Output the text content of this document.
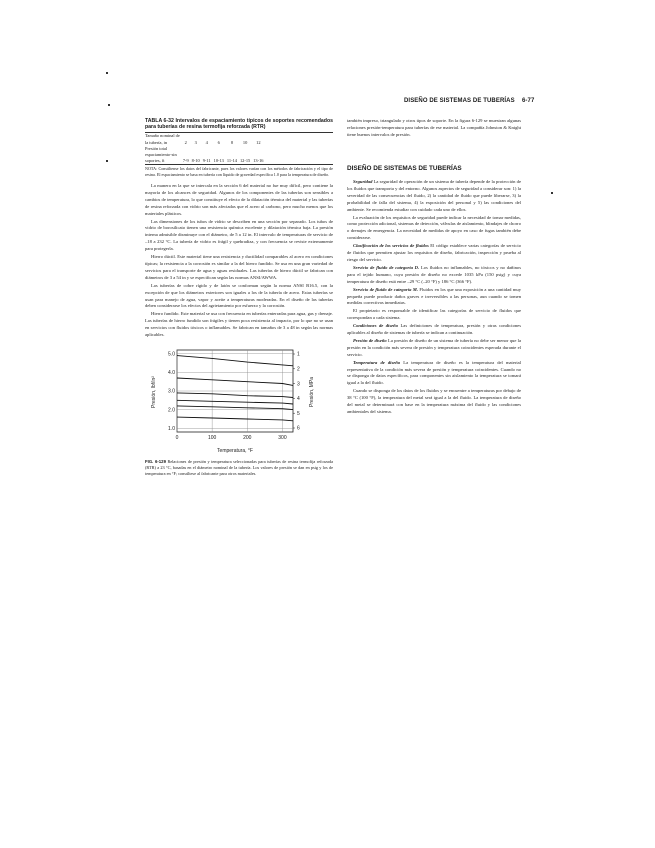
DISEÑO DE SISTEMAS DE TUBERÍAS 6-77
TABLA 6-32 Intervalos de espaciamiento típicos de soportes recomendados para tuberías de resina termofija reforzada (RTR)
Tamaño nominal de							
la tubería, in	2	3	4	6	8	10	12
Presión total							
espaciamiento-sin							
soportes, ft	7-9	8-10	9-11	10-13	11-14	12-15	13-16
NOTA: Consúltense los datos del fabricante, pues los valores varían con los métodos de fabricación y el tipo de resina. El espaciamiento se basa en tubería con líquido de gravedad específica 1.0 para la temperatura de diseño.

La manera en la que se intercala en la sección 6 del material no fue muy difícil, pero contiene la mayoría de los alcances de seguridad. Algunos de los componentes de las tuberías son sensibles a cambios de temperatura, lo que constituye el efecto de la dilatación térmica del material y las tuberías de resina reforzada con vidrio son más afectadas que el acero al carbono, pero mucho menos que los materiales plásticos.

Las dimensiones de los tubos de vidrio se describen en una sección por separado. Los tubos de vidrio de borosilicato tienen una resistencia química excelente y dilatación térmica baja. La presión interna admisible disminuye con el diámetro, de 5 a 12 in. El intervalo de temperaturas de servicio de –18 a 232 °C. La tubería de vidrio es frágil y quebradiza, y con frecuencia se reviste externamente para protegerla.

Hierro dúctil. Este material tiene una resistencia y ductilidad comparables al acero en condiciones típicas; la resistencia a la corrosión es similar a la del hierro fundido. Se usa en una gran variedad de servicios para el transporte de agua y aguas residuales. Las tuberías de hierro dúctil se fabrican con diámetros de 3 a 54 in y se especifican según las normas ANSI/AWWA.

Las tuberías de cobre rígido y de latón se conforman según la norma ANSI B16.5, con la excepción de que los diámetros exteriores son iguales a los de la tubería de acero. Estas tuberías se usan para manejo de agua, vapor y aceite a temperaturas moderadas. En el diseño de las tuberías deben considerarse los efectos del agrietamiento por esfuerzo y la corrosión.

Hierro fundido. Este material se usa con frecuencia en tuberías enterradas para agua, gas y drenaje. Las tuberías de hierro fundido son frágiles y tienen poca resistencia al impacto, por lo que no se usan en servicios con fluidos tóxicos o inflamables. Se fabrican en tamaños de 3 a 48 in según las normas aplicables.

0	100	200	300
5.0
4.0
3.0
2.0
1.0
1
2
3
4
5
6
Temperatura, °F
Presión, lbf/in²	Presión, MPa
FIG. 6-129 Relaciones de presión y temperatura seleccionadas para tuberías de resina termofija reforzada (RTR) a 23 °C, basadas en el diámetro nominal de la tubería. Los valores de presión se dan en psig y los de temperatura en °F; consúltese al fabricante para otros materiales.

también impreso, triangulado y otros tipos de soporte. En la figura 6-129 se muestran algunas relaciones presión-temperatura para tuberías de ese material. La compañía Johnston & Knight tiene buenos intervalos de presión.

DISEÑO DE SISTEMAS DE TUBERÍAS

Seguridad La seguridad de operación de un sistema de tubería depende de la protección de los fluidos que transporta y del entorno. Algunos aspectos de seguridad a considerar son: 1) la severidad de las consecuencias del fluido, 2) la cantidad de fluido que puede liberarse, 3) la probabilidad de falla del sistema, 4) la exposición del personal y 5) las condiciones del ambiente. Se recomienda estudiar con cuidado cada uno de ellos.

La evaluación de los requisitos de seguridad puede indicar la necesidad de tomar medidas, como protección adicional, sistemas de detección, válvulas de aislamiento, blindajes de chorro o drenajes de emergencia. La necesidad de medidas de apoyo en caso de fugas también debe considerarse.

Clasificación de los servicios de fluidos El código establece varias categorías de servicio de fluidos que permiten ajustar los requisitos de diseño, fabricación, inspección y prueba al riesgo del servicio.

Servicio de fluido de categoría D. Los fluidos no inflamables, no tóxicos y no dañinos para el tejido humano, cuya presión de diseño no excede 1035 kPa (150 psig) y cuya temperatura de diseño está entre –29 °C (–20 °F) y 186 °C (366 °F).

Servicio de fluido de categoría M. Fluidos en los que una exposición a una cantidad muy pequeña puede producir daños graves e irreversibles a las personas, aun cuando se tomen medidas correctivas inmediatas.

El propietario es responsable de identificar las categorías de servicio de fluidos que correspondan a cada sistema.

Condiciones de diseño Las definiciones de temperatura, presión y otras condiciones aplicables al diseño de sistemas de tubería se indican a continuación.

Presión de diseño La presión de diseño de un sistema de tubería no debe ser menor que la presión en la condición más severa de presión y temperatura coincidentes esperada durante el servicio.

Temperatura de diseño La temperatura de diseño es la temperatura del material representativa de la condición más severa de presión y temperatura coincidentes. Cuando no se disponga de datos específicos, para componentes sin aislamiento la temperatura se tomará igual a la del fluido.

Cuando se disponga de los datos de los fluidos y se encuentre a temperaturas por debajo de 38 °C (100 °F), la temperatura del metal será igual a la del fluido. La temperatura de diseño del metal se determinará con base en la temperatura máxima del fluido y las condiciones ambientales del sistema.
